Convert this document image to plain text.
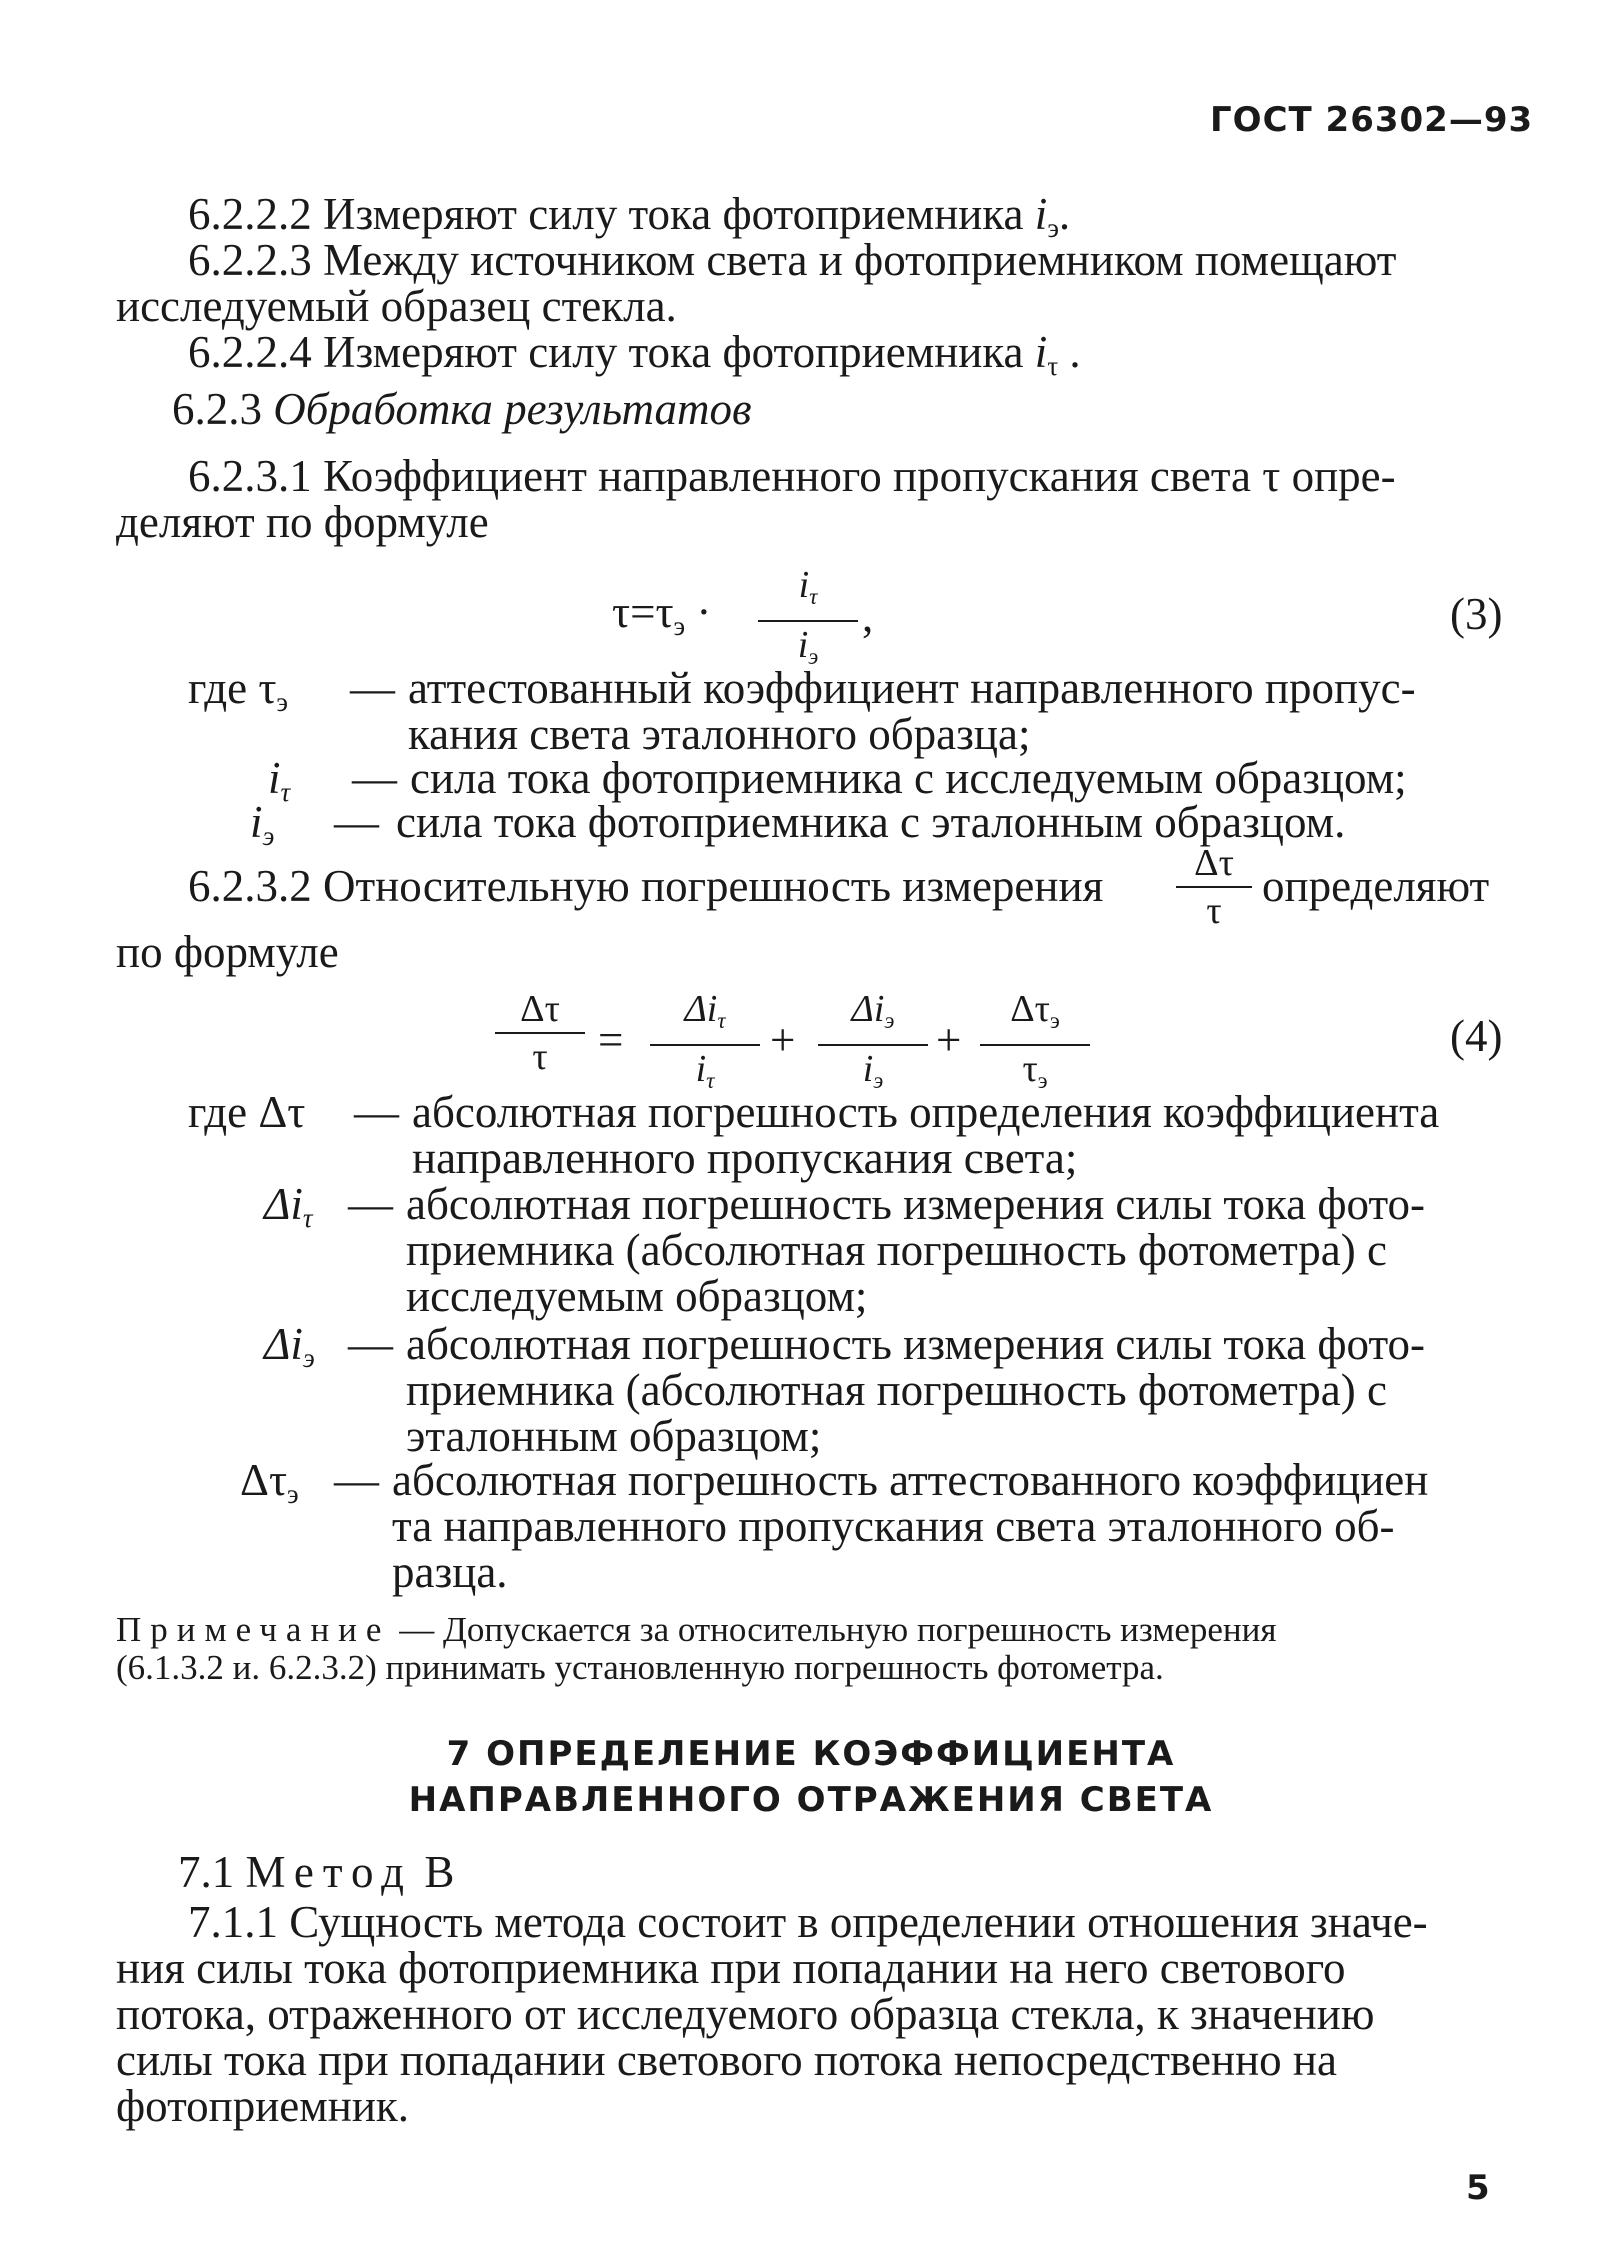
ГОСТ 26302—93
6.2.2.2 Измеряют силу тока фотоприемника $i_э$.
6.2.2.3 Между источником света и фотоприемником помещают
исследуемый образец стекла.
6.2.2.4 Измеряют силу тока фотоприемника $i_\tau$ .
6.2.3 Обработка результатов
6.2.3.1 Коэффициент направленного пропускания света τ опре-
деляют по формуле
$\tau=\tau_э$ ·
$i_\tau$
$i_э$
,	(3)
где $\tau_э$ — аттестованный коэффициент направленного пропус-
кания света эталонного образца;
$i_\tau$ — сила тока фотоприемника с исследуемым образцом;
$i_э$ — сила тока фотоприемника с эталонным образцом.
6.2.3.2 Относительную погрешность измерения	Δτ
τ определяют
по формуле
Δτ
τ	=
$\Delta i_\tau$
$i_\tau$
+
$\Delta i_э$
$i_э$
+
$\Delta\tau_э$
$\tau_э$
(4)
где Δτ — абсолютная погрешность определения коэффициента
направленного пропускания света;
$\Delta i_\tau$ — абсолютная погрешность измерения силы тока фото-
приемника (абсолютная погрешность фотометра) с
исследуемым образцом;
$\Delta i_э$ — абсолютная погрешность измерения силы тока фото-
приемника (абсолютная погрешность фотометра) с
эталонным образцом;
$\Delta\tau_э$ — абсолютная погрешность аттестованного коэффициен
та направленного пропускания света эталонного об-
разца.
Примечание — Допускается за относительную погрешность измерения
(6.1.3.2 и. 6.2.3.2) принимать установленную погрешность фотометра.
7 ОПРЕДЕЛЕНИЕ КОЭФФИЦИЕНТА
НАПРАВЛЕННОГО ОТРАЖЕНИЯ СВЕТА
7.1 Метод В
7.1.1 Сущность метода состоит в определении отношения значе-
ния силы тока фотоприемника при попадании на него светового
потока, отраженного от исследуемого образца стекла, к значению
силы тока при попадании светового потока непосредственно на
фотоприемник.
5
